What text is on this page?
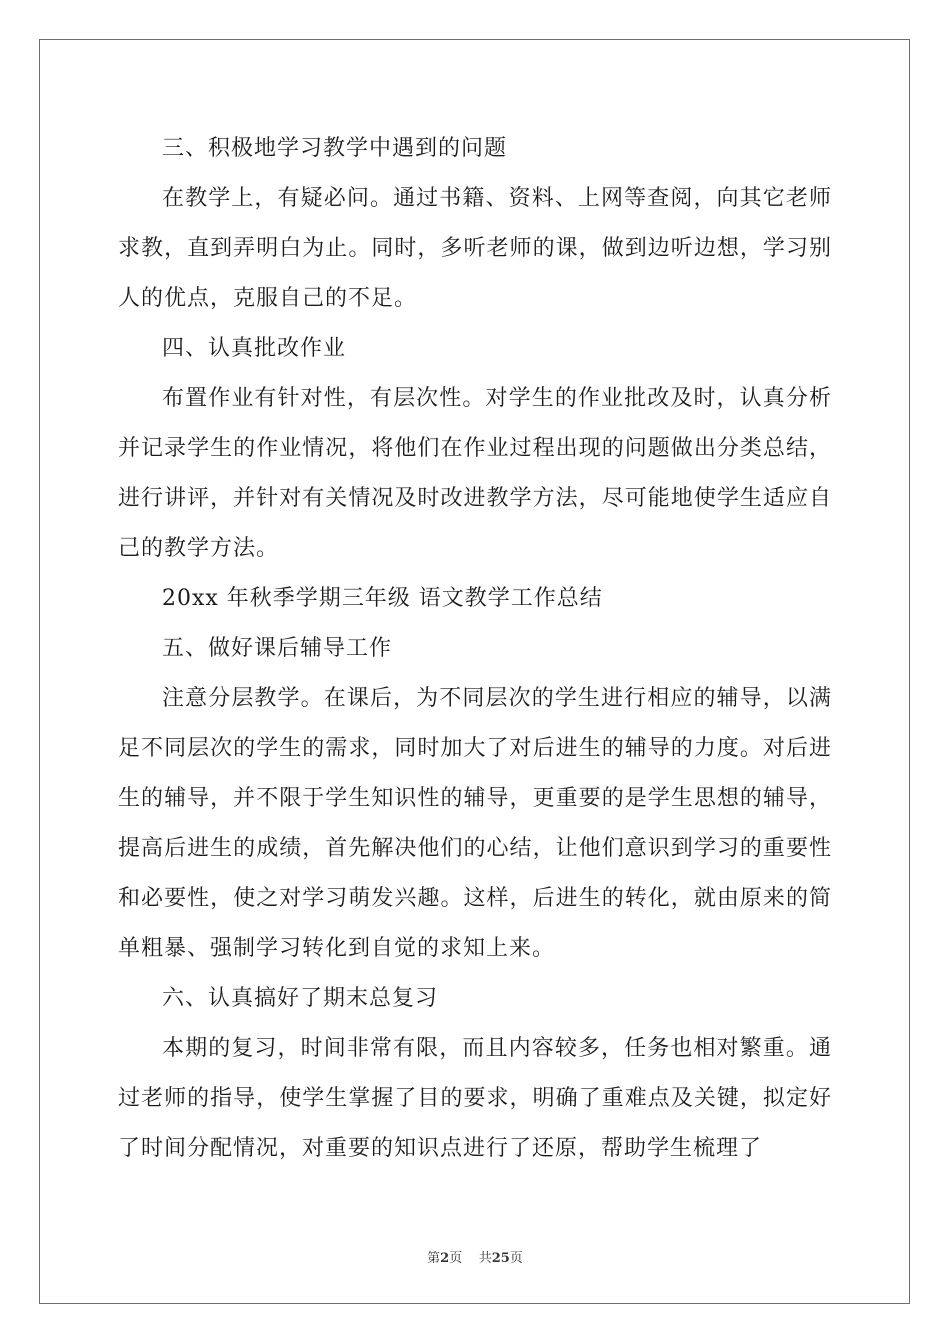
三、积极地学习教学中遇到的问题

在教学上，有疑必问。通过书籍、资料、上网等查阅，向其它老师求教，直到弄明白为止。同时，多听老师的课，做到边听边想，学习别人的优点，克服自己的不足。

四、认真批改作业

布置作业有针对性，有层次性。对学生的作业批改及时，认真分析并记录学生的作业情况，将他们在作业过程出现的问题做出分类总结，进行讲评，并针对有关情况及时改进教学方法，尽可能地使学生适应自己的教学方法。

20xx 年秋季学期三年级 语文教学工作总结

五、做好课后辅导工作

注意分层教学。在课后，为不同层次的学生进行相应的辅导，以满足不同层次的学生的需求，同时加大了对后进生的辅导的力度。对后进生的辅导，并不限于学生知识性的辅导，更重要的是学生思想的辅导，提高后进生的成绩，首先解决他们的心结，让他们意识到学习的重要性和必要性，使之对学习萌发兴趣。这样，后进生的转化，就由原来的简单粗暴、强制学习转化到自觉的求知上来。

六、认真搞好了期末总复习

本期的复习，时间非常有限，而且内容较多，任务也相对繁重。通过老师的指导，使学生掌握了目的要求，明确了重难点及关键，拟定好了时间分配情况，对重要的知识点进行了还原，帮助学生梳理了

第2页 共25页
